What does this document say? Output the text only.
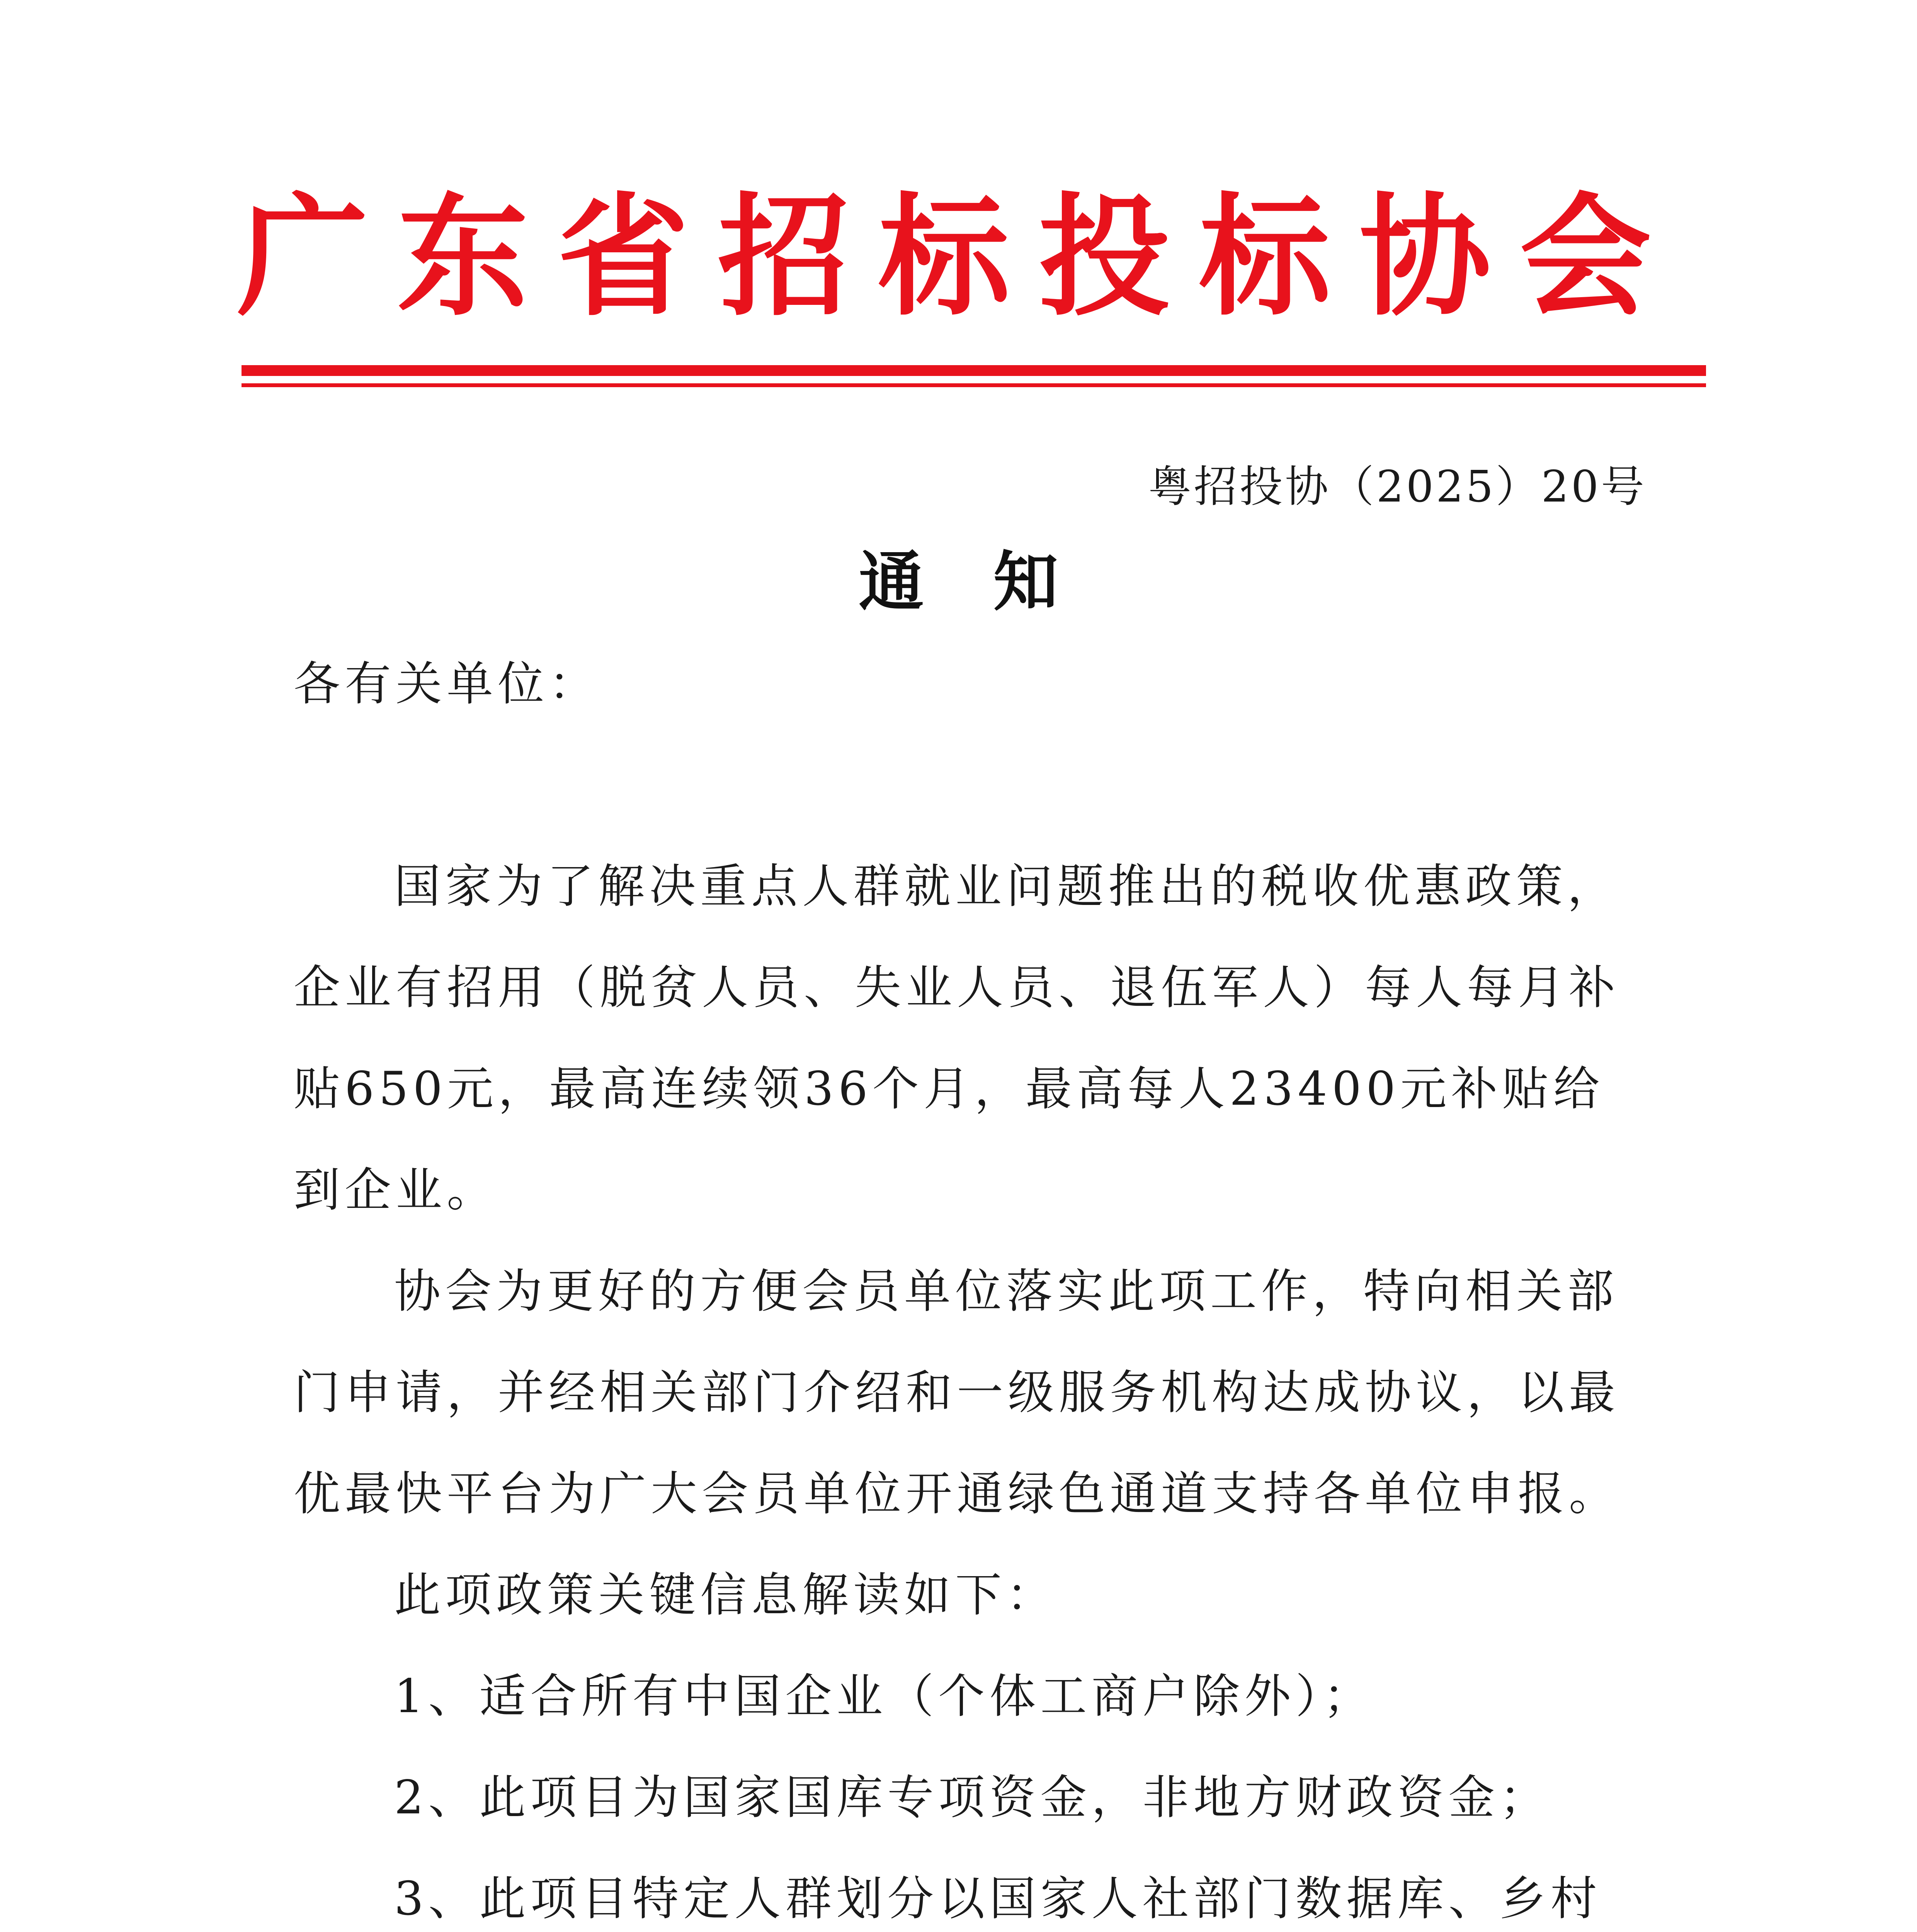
广东省招标投标协会
粤招投协（2025）20号
通 知

各有关单位：

国家为了解决重点人群就业问题推出的税收优惠政策，企业有招用（脱贫人员、失业人员、退伍军人）每人每月补贴650元，最高连续领36个月，最高每人23400元补贴给到企业。

协会为更好的方便会员单位落实此项工作，特向相关部门申请，并经相关部门介绍和一级服务机构达成协议，以最优最快平台为广大会员单位开通绿色通道支持各单位申报。

此项政策关键信息解读如下：

1、适合所有中国企业（个体工商户除外）；

2、此项目为国家国库专项资金，非地方财政资金；

3、此项目特定人群划分以国家人社部门数据库、乡村
